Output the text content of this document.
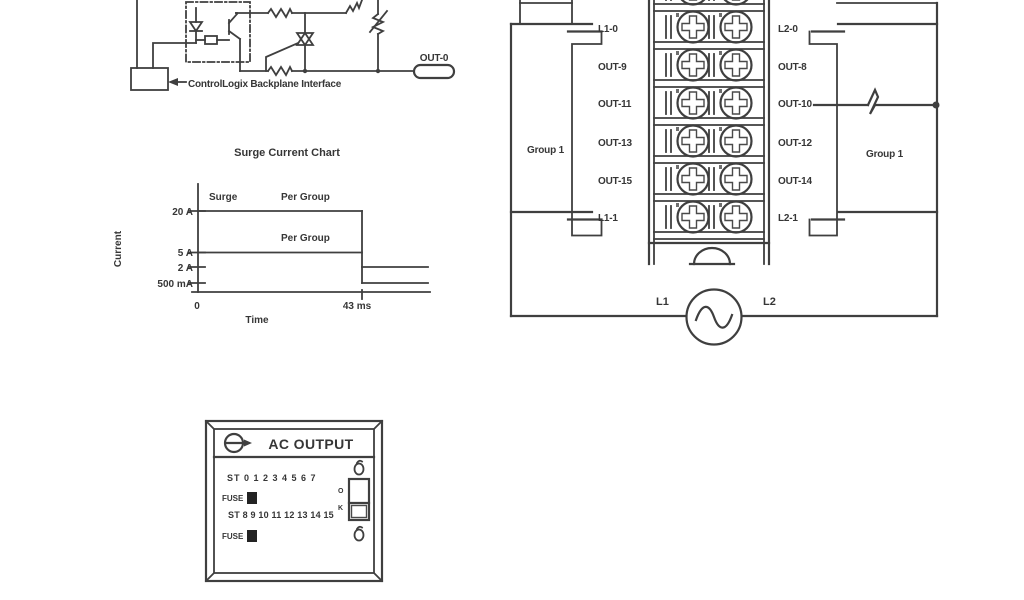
OUT-0
ControlLogix Backplane Interface
Surge Current Chart
Surge	Per Group
Per Group
20 A
5 A
2 A
500 mA
0	43 ms
Time
Current
Group 1
L1-0
OUT-9
OUT-11
OUT-13
OUT-15
L1-1
L2-0
OUT-8
OUT-10
OUT-12
OUT-14
L2-1
Group 1
L1	L2
AC OUTPUT
ST 0 1 2 3 4 5 6 7
FUSE
ST 8 9 10 11 12 13 14 15
FUSE
O
K
